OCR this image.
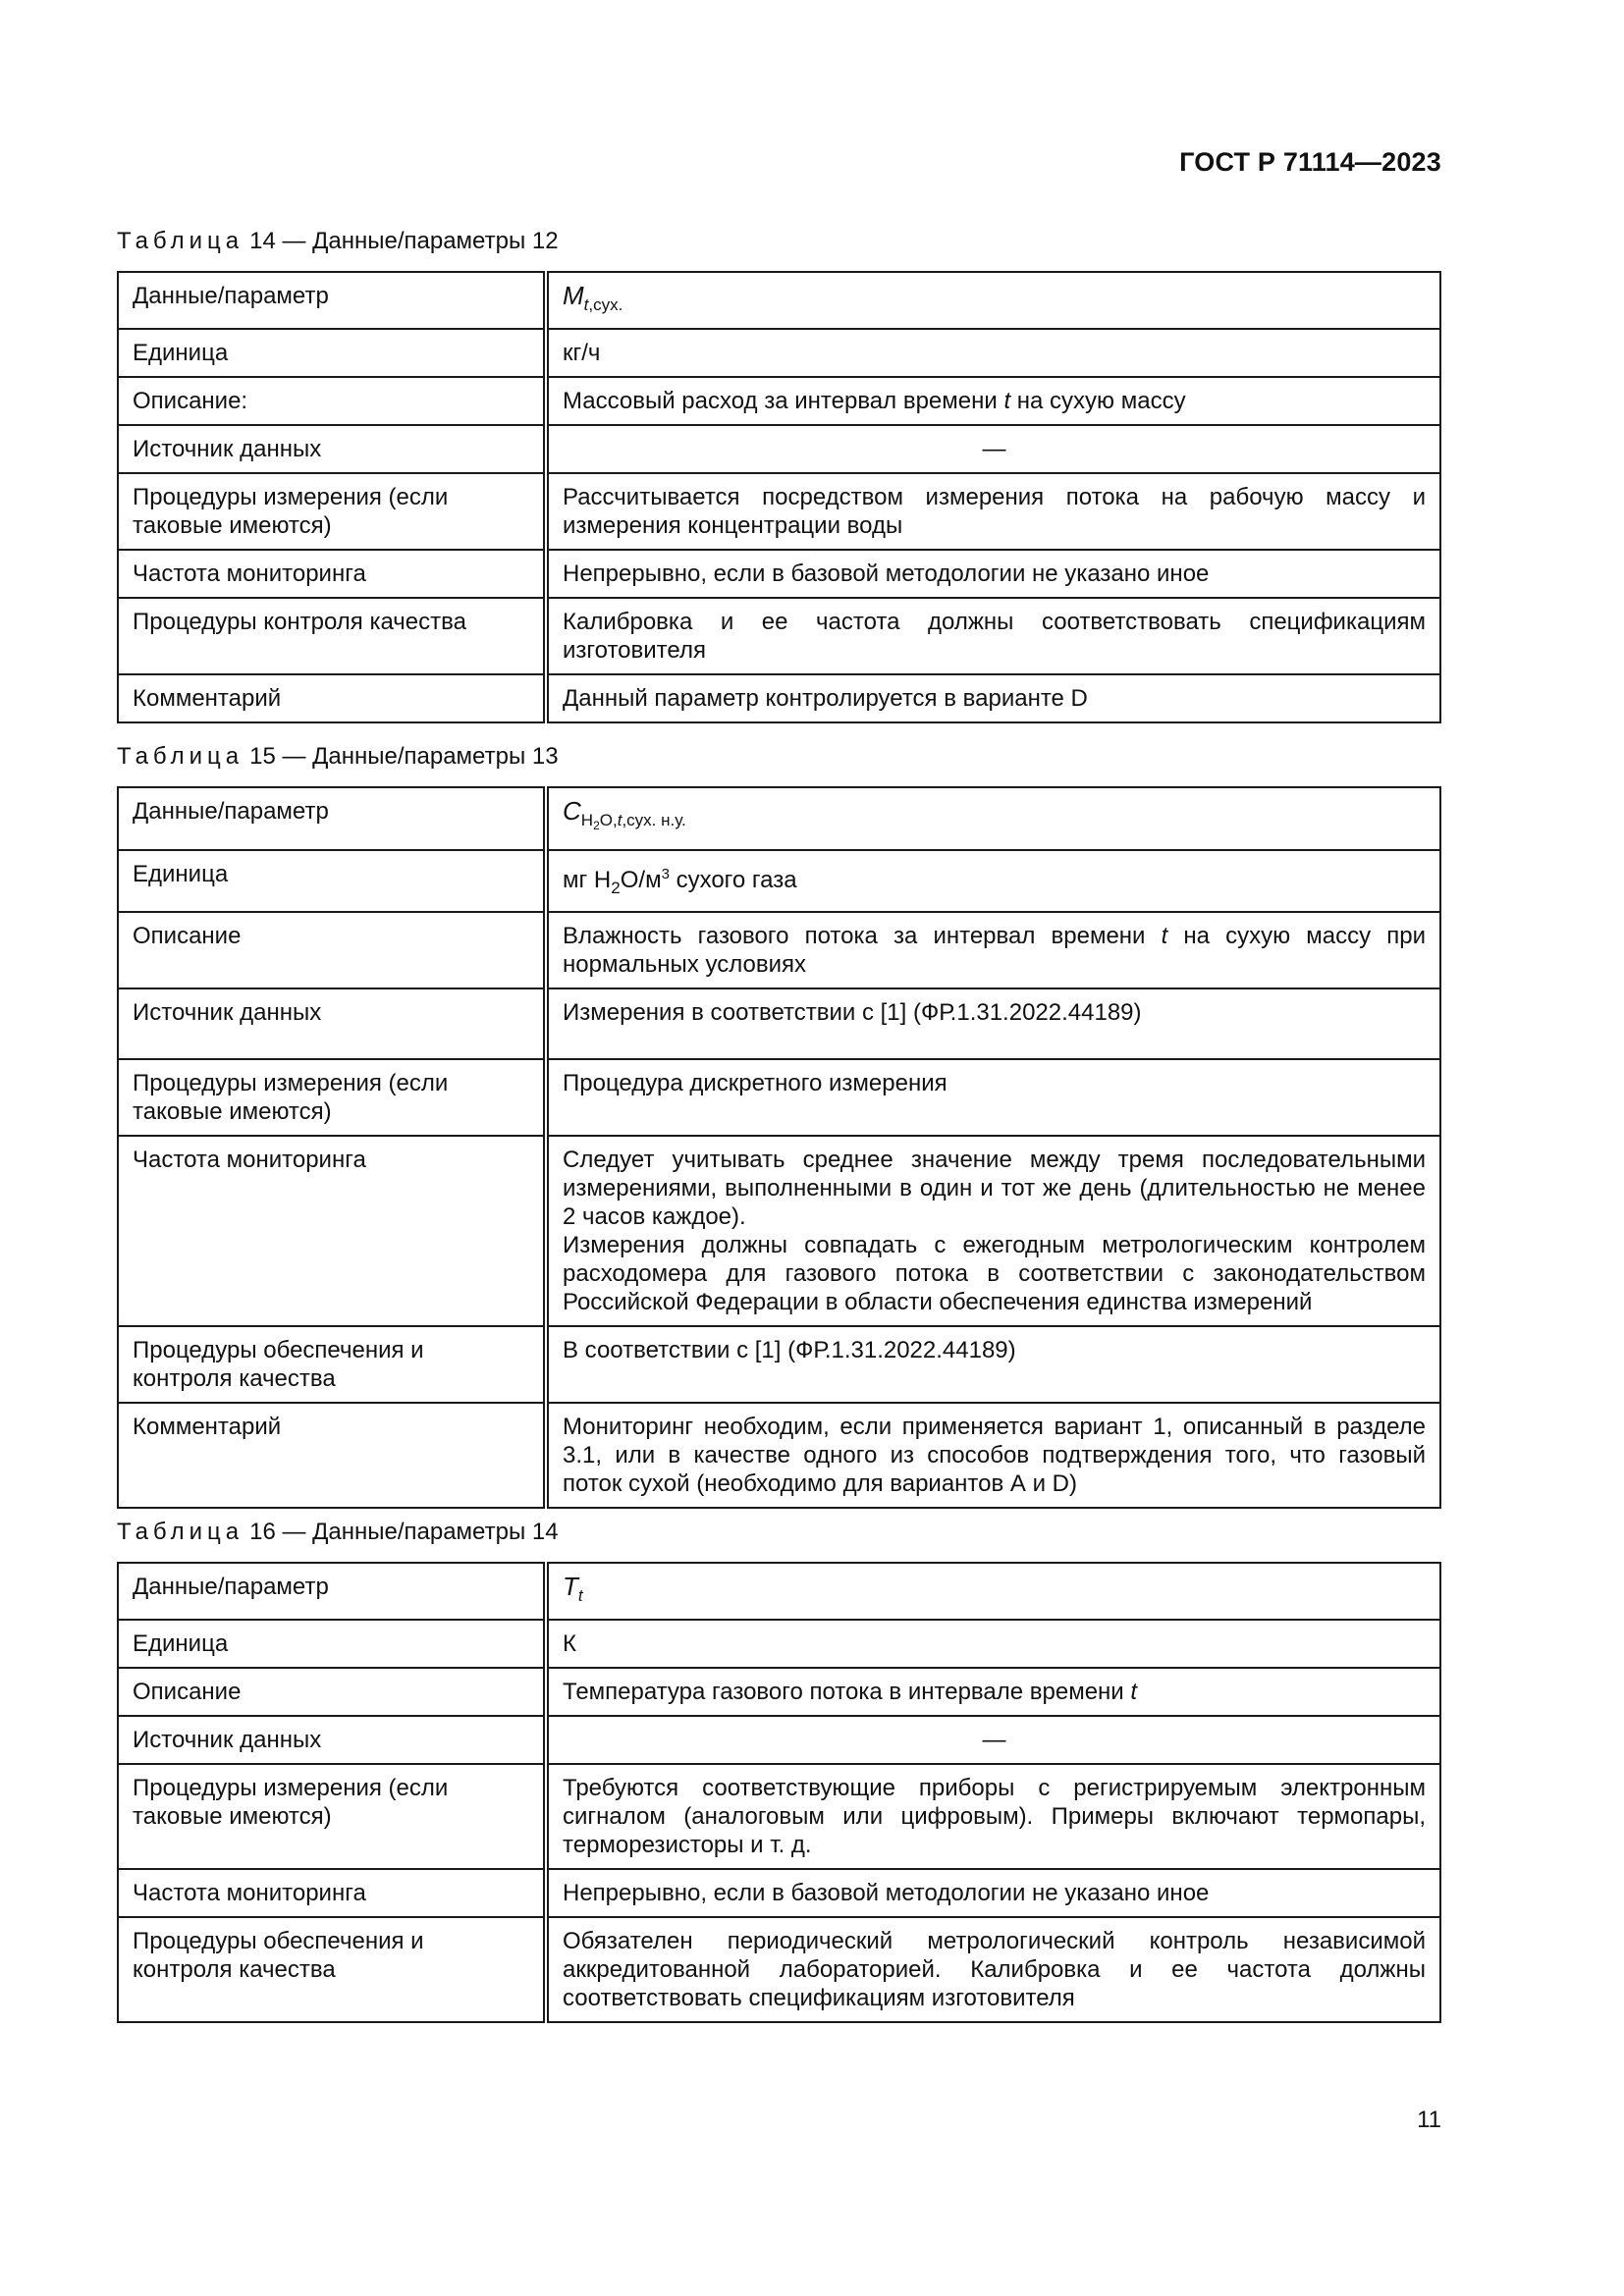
ГОСТ Р 71114—2023
Таблица 14 — Данные/параметры 12
Данные/параметр	$M_{t,сух.}$
Единица	кг/ч
Описание:	Массовый расход за интервал времени t на сухую массу
Источник данных	—
Процедуры измерения (если таковые имеются)	Рассчитывается посредством измерения потока на рабочую массу и измерения концентрации воды
Частота мониторинга	Непрерывно, если в базовой методологии не указано иное
Процедуры контроля качества	Калибровка и ее частота должны соответствовать спецификациям изготовителя
Комментарий	Данный параметр контролируется в варианте D
Таблица 15 — Данные/параметры 13
Данные/параметр	$C_{H_2O,t,сух. н.у.}$
Единица	мг $H_2O/м^3$ сухого газа
Описание	Влажность газового потока за интервал времени t на сухую массу при нормальных условиях
Источник данных	Измерения в соответствии с [1] (ФР.1.31.2022.44189)
Процедуры измерения (если таковые имеются)	Процедура дискретного измерения
Частота мониторинга	Следует учитывать среднее значение между тремя последовательными измерениями, выполненными в один и тот же день (длительностью не менее 2 часов каждое).
Измерения должны совпадать с ежегодным метрологическим контролем расходомера для газового потока в соответствии с законодательством Российской Федерации в области обеспечения единства измерений

Процедуры обеспечения и контроля качества	В соответствии с [1] (ФР.1.31.2022.44189)
Комментарий	Мониторинг необходим, если применяется вариант 1, описанный в разделе 3.1, или в качестве одного из способов подтверждения того, что газовый поток сухой (необходимо для вариантов А и D)
Таблица 16 — Данные/параметры 14
Данные/параметр	$T_t$
Единица	К
Описание	Температура газового потока в интервале времени t
Источник данных	—
Процедуры измерения (если таковые имеются)	Требуются соответствующие приборы с регистрируемым электронным сигналом (аналоговым или цифровым). Примеры включают термопары, терморезисторы и т. д.
Частота мониторинга	Непрерывно, если в базовой методологии не указано иное
Процедуры обеспечения и контроля качества	Обязателен периодический метрологический контроль независимой аккредитованной лабораторией. Калибровка и ее частота должны соответствовать спецификациям изготовителя
11
